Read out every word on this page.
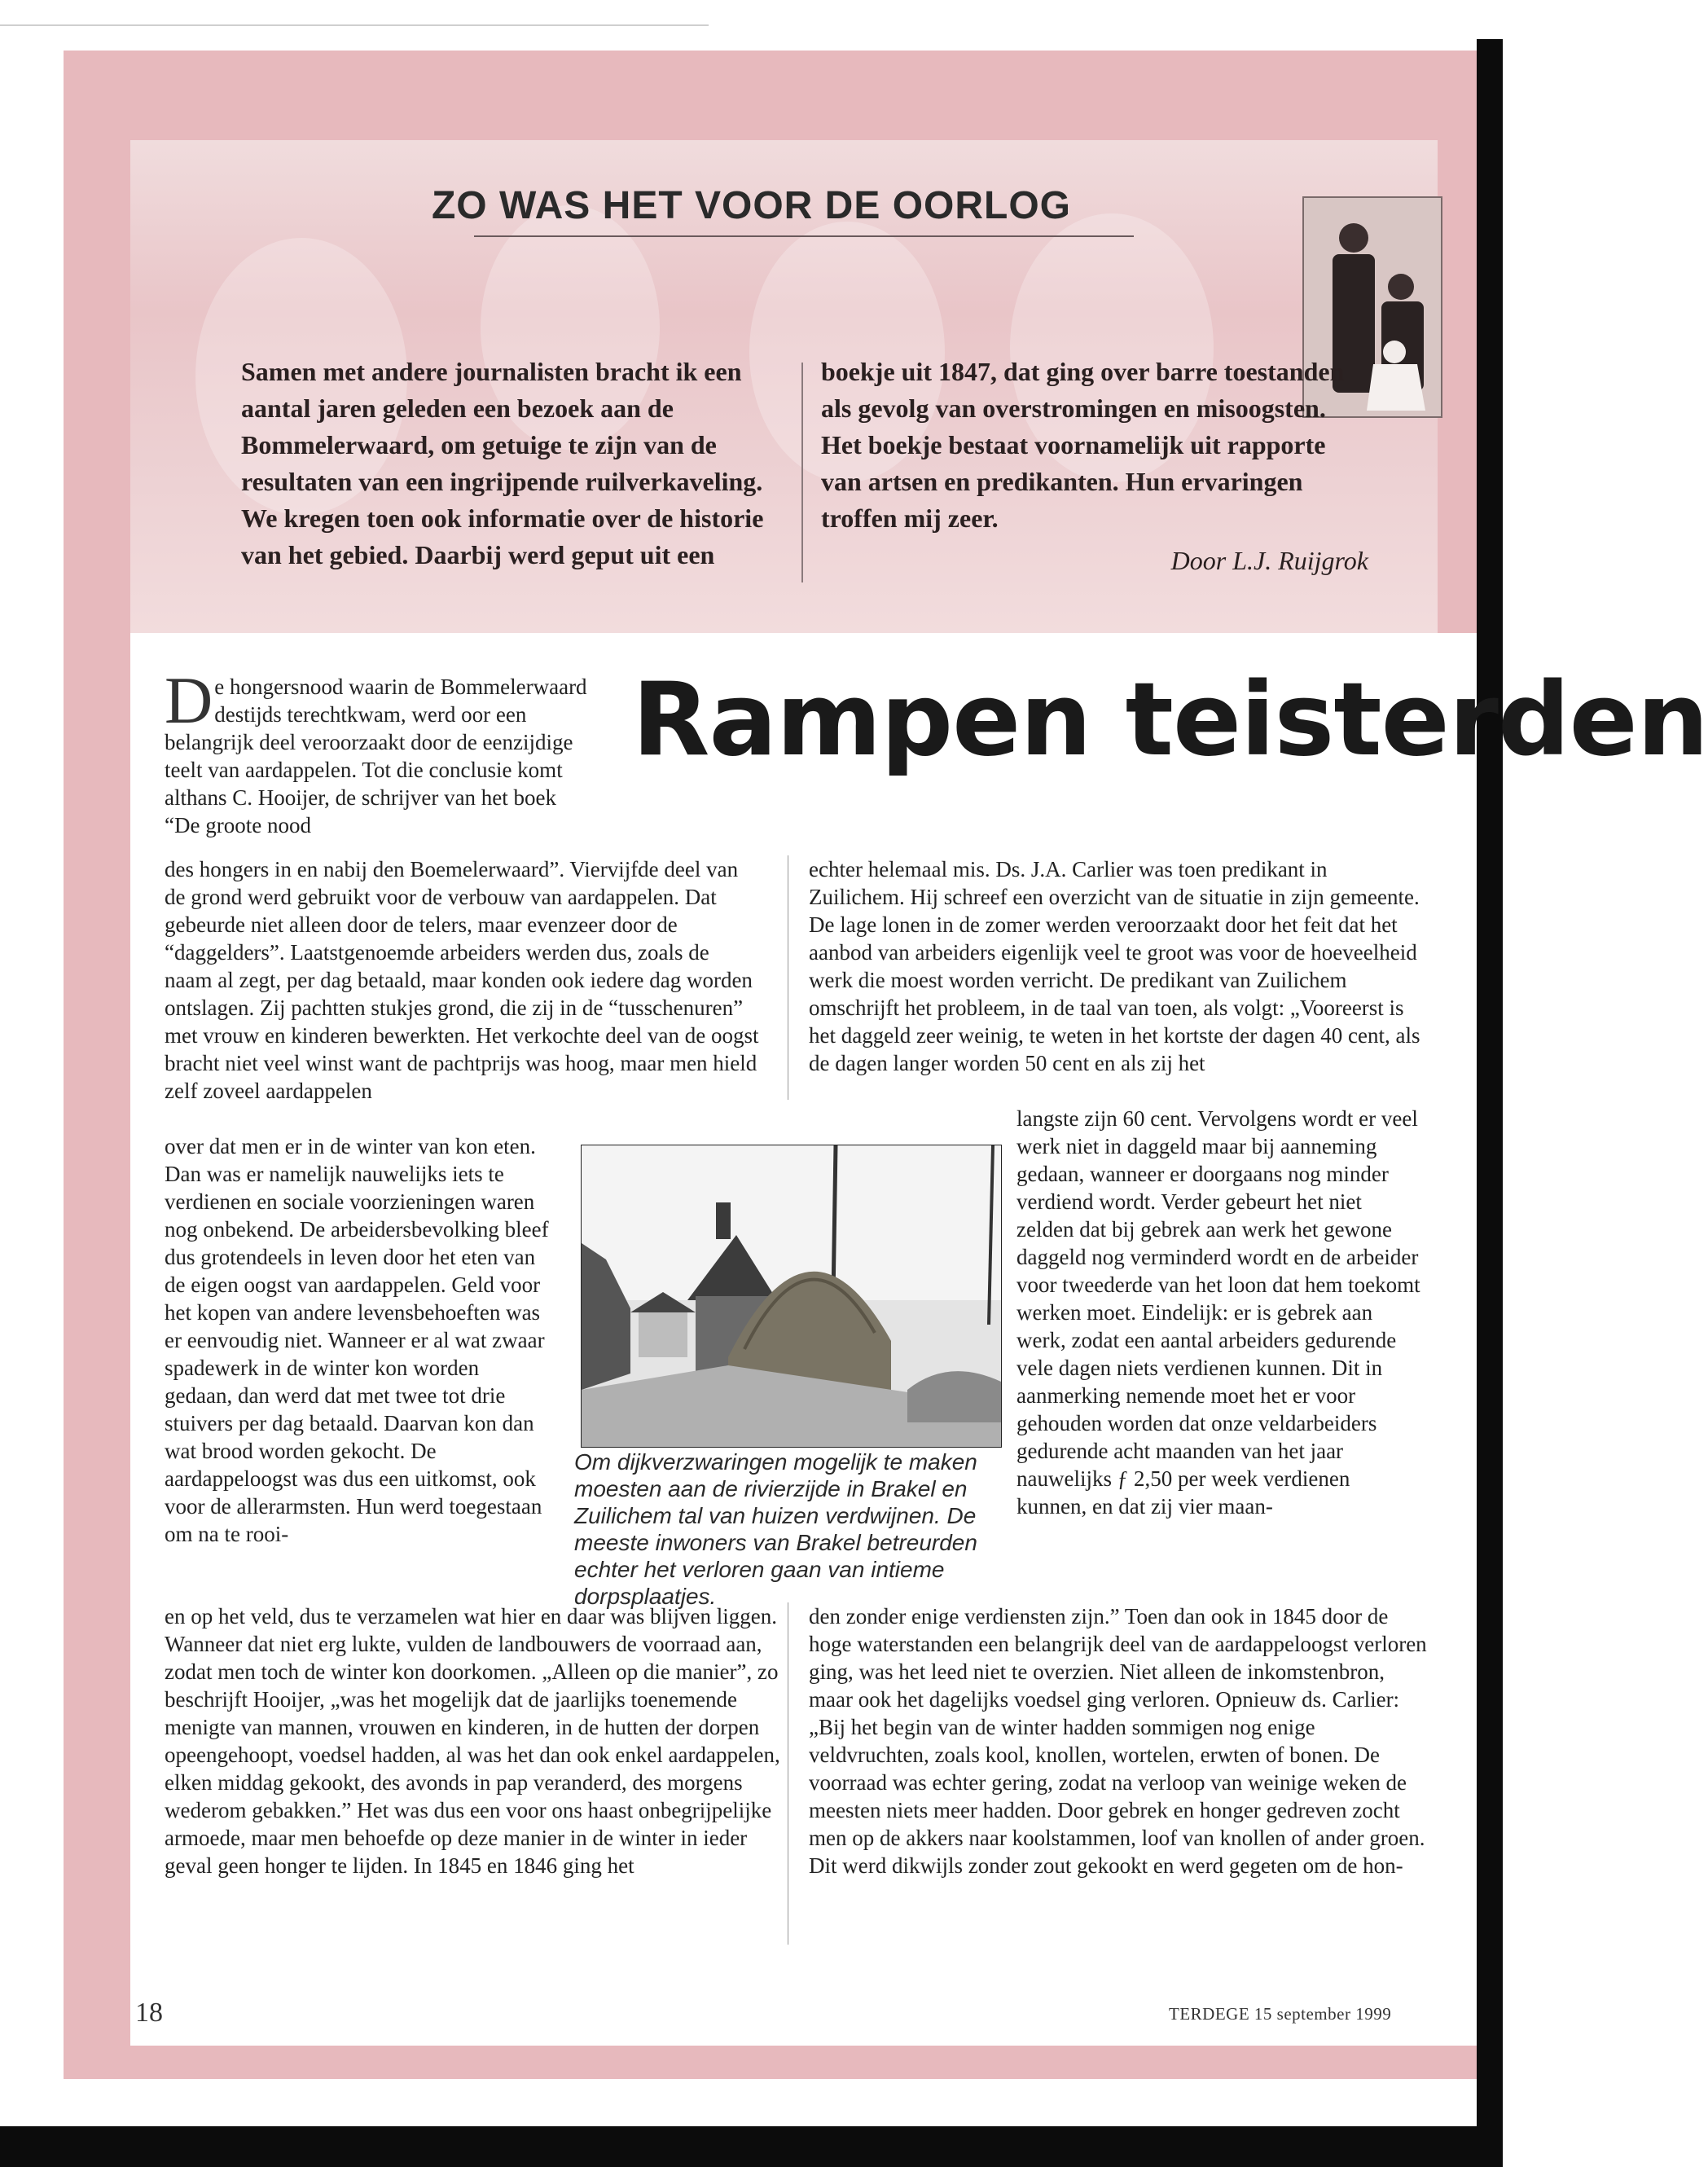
ZO WAS HET VOOR DE OORLOG

Samen met andere journalisten bracht ik een aantal jaren geleden een bezoek aan de Bommelerwaard, om getuige te zijn van de resultaten van een ingrijpende ruilverkaveling. We kregen toen ook informatie over de historie van het gebied. Daarbij werd geput uit een

boekje uit 1847, dat ging over barre toestanden als gevolg van overstromingen en misoogsten. Het boekje bestaat voornamelijk uit rapporte van artsen en predikanten. Hun ervaringen troffen mij zeer.

Door L.J. Ruijgrok

Rampen teisterden

De hongersnood waarin de Bommelerwaard destijds terechtkwam, werd oor een belangrijk deel veroorzaakt door de eenzijdige teelt van aardappelen. Tot die conclusie komt althans C. Hooijer, de schrijver van het boek “De groote nood

des hongers in en nabij den Boemelerwaard”. Viervijfde deel van de grond werd gebruikt voor de verbouw van aardappelen. Dat gebeurde niet alleen door de telers, maar evenzeer door de “daggelders”. Laatstgenoemde arbeiders werden dus, zoals de naam al zegt, per dag betaald, maar konden ook iedere dag worden ontslagen. Zij pachtten stukjes grond, die zij in de “tusschenuren” met vrouw en kinderen bewerkten. Het verkochte deel van de oogst bracht niet veel winst want de pachtprijs was hoog, maar men hield zelf zoveel aardappelen

over dat men er in de winter van kon eten. Dan was er namelijk nauwelijks iets te verdienen en sociale voorzieningen waren nog onbekend. De arbeidersbevolking bleef dus grotendeels in leven door het eten van de eigen oogst van aardappelen. Geld voor het kopen van andere levensbehoeften was er eenvoudig niet. Wanneer er al wat zwaar spadewerk in de winter kon worden gedaan, dan werd dat met twee tot drie stuivers per dag betaald. Daarvan kon dan wat brood worden gekocht. De aardappeloogst was dus een uitkomst, ook voor de allerarmsten. Hun werd toegestaan om na te rooi-

en op het veld, dus te verzamelen wat hier en daar was blijven liggen. Wanneer dat niet erg lukte, vulden de landbouwers de voorraad aan, zodat men toch de winter kon doorkomen. „Alleen op die manier”, zo beschrijft Hooijer, „was het mogelijk dat de jaarlijks toenemende menigte van mannen, vrouwen en kinderen, in de hutten der dorpen opeengehoopt, voedsel hadden, al was het dan ook enkel aardappelen, elken middag gekookt, des avonds in pap veranderd, des morgens wederom gebakken.” Het was dus een voor ons haast onbegrijpelijke armoede, maar men behoefde op deze manier in de winter in ieder geval geen honger te lijden. In 1845 en 1846 ging het

echter helemaal mis. Ds. J.A. Carlier was toen predikant in Zuilichem. Hij schreef een overzicht van de situatie in zijn gemeente. De lage lonen in de zomer werden veroorzaakt door het feit dat het aanbod van arbeiders eigenlijk veel te groot was voor de hoeveelheid werk die moest worden verricht. De predikant van Zuilichem omschrijft het probleem, in de taal van toen, als volgt: „Vooreerst is het daggeld zeer weinig, te weten in het kortste der dagen 40 cent, als de dagen langer worden 50 cent en als zij het

langste zijn 60 cent. Vervolgens wordt er veel werk niet in daggeld maar bij aanneming gedaan, wanneer er doorgaans nog minder verdiend wordt. Verder gebeurt het niet zelden dat bij gebrek aan werk het gewone daggeld nog verminderd wordt en de arbeider voor tweederde van het loon dat hem toekomt werken moet. Eindelijk: er is gebrek aan werk, zodat een aantal arbeiders gedurende vele dagen niets verdienen kunnen. Dit in aanmerking nemende moet het er voor gehouden worden dat onze veldarbeiders gedurende acht maanden van het jaar nauwelijks ƒ 2,50 per week verdienen kunnen, en dat zij vier maan-

den zonder enige verdiensten zijn.” Toen dan ook in 1845 door de hoge waterstanden een belangrijk deel van de aardappeloogst verloren ging, was het leed niet te overzien. Niet alleen de inkomstenbron, maar ook het dagelijks voedsel ging verloren. Opnieuw ds. Carlier: „Bij het begin van de winter hadden sommigen nog enige veldvruchten, zoals kool, knollen, wortelen, erwten of bonen. De voorraad was echter gering, zodat na verloop van weinige weken de meesten niets meer hadden. Door gebrek en honger gedreven zocht men op de akkers naar koolstammen, loof van knollen of ander groen. Dit werd dikwijls zonder zout gekookt en werd gegeten om de hon-

Om dijkverzwaringen mogelijk te maken moesten aan de rivierzijde in Brakel en Zuilichem tal van huizen verdwijnen. De meeste inwoners van Brakel betreurden echter het verloren gaan van intieme dorpsplaatjes.

18	TERDEGE 15 september 1999
